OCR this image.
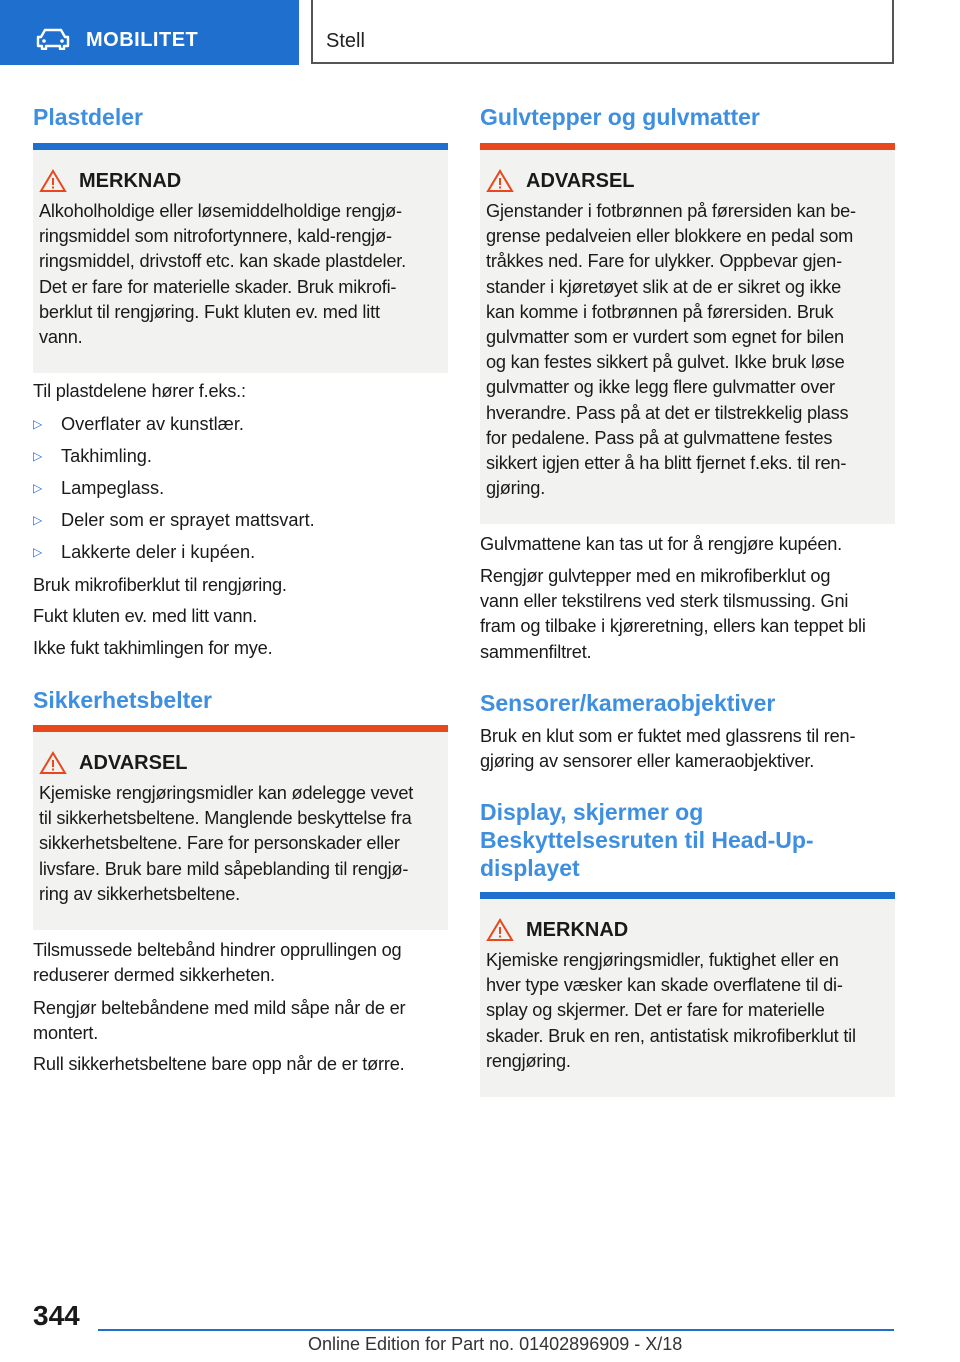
MOBILITET	Stell
Plastdeler
MERKNAD
Alkoholholdige eller løsemiddelholdige rengjø-
ringsmiddel som nitrofortynnere, kald-rengjø-
ringsmiddel, drivstoff etc. kan skade plastdeler.
Det er fare for materielle skader. Bruk mikrofi-
berklut til rengjøring. Fukt kluten ev. med litt
vann.
Til plastdelene hører f.eks.:
▷ Overflater av kunstlær.
▷ Takhimling.
▷ Lampeglass.
▷ Deler som er sprayet mattsvart.
▷ Lakkerte deler i kupéen.
Bruk mikrofiberklut til rengjøring.
Fukt kluten ev. med litt vann.
Ikke fukt takhimlingen for mye.
Sikkerhetsbelter
ADVARSEL
Kjemiske rengjøringsmidler kan ødelegge vevet
til sikkerhetsbeltene. Manglende beskyttelse fra
sikkerhetsbeltene. Fare for personskader eller
livsfare. Bruk bare mild såpeblanding til rengjø-
ring av sikkerhetsbeltene.
Tilsmussede beltebånd hindrer opprullingen og
reduserer dermed sikkerheten.
Rengjør beltebåndene med mild såpe når de er
montert.
Rull sikkerhetsbeltene bare opp når de er tørre.
Gulvtepper og gulvmatter
ADVARSEL
Gjenstander i fotbrønnen på førersiden kan be-
grense pedalveien eller blokkere en pedal som
tråkkes ned. Fare for ulykker. Oppbevar gjen-
stander i kjøretøyet slik at de er sikret og ikke
kan komme i fotbrønnen på førersiden. Bruk
gulvmatter som er vurdert som egnet for bilen
og kan festes sikkert på gulvet. Ikke bruk løse
gulvmatter og ikke legg flere gulvmatter over
hverandre. Pass på at det er tilstrekkelig plass
for pedalene. Pass på at gulvmattene festes
sikkert igjen etter å ha blitt fjernet f.eks. til ren-
gjøring.
Gulvmattene kan tas ut for å rengjøre kupéen.
Rengjør gulvtepper med en mikrofiberklut og
vann eller tekstilrens ved sterk tilsmussing. Gni
fram og tilbake i kjøreretning, ellers kan teppet bli
sammenfiltret.
Sensorer/kameraobjektiver
Bruk en klut som er fuktet med glassrens til ren-
gjøring av sensorer eller kameraobjektiver.
Display, skjermer og
Beskyttelsesruten til Head-Up-
displayet
MERKNAD
Kjemiske rengjøringsmidler, fuktighet eller en
hver type væsker kan skade overflatene til di-
splay og skjermer. Det er fare for materielle
skader. Bruk en ren, antistatisk mikrofiberklut til
rengjøring.
344
Online Edition for Part no. 01402896909 - X/18
